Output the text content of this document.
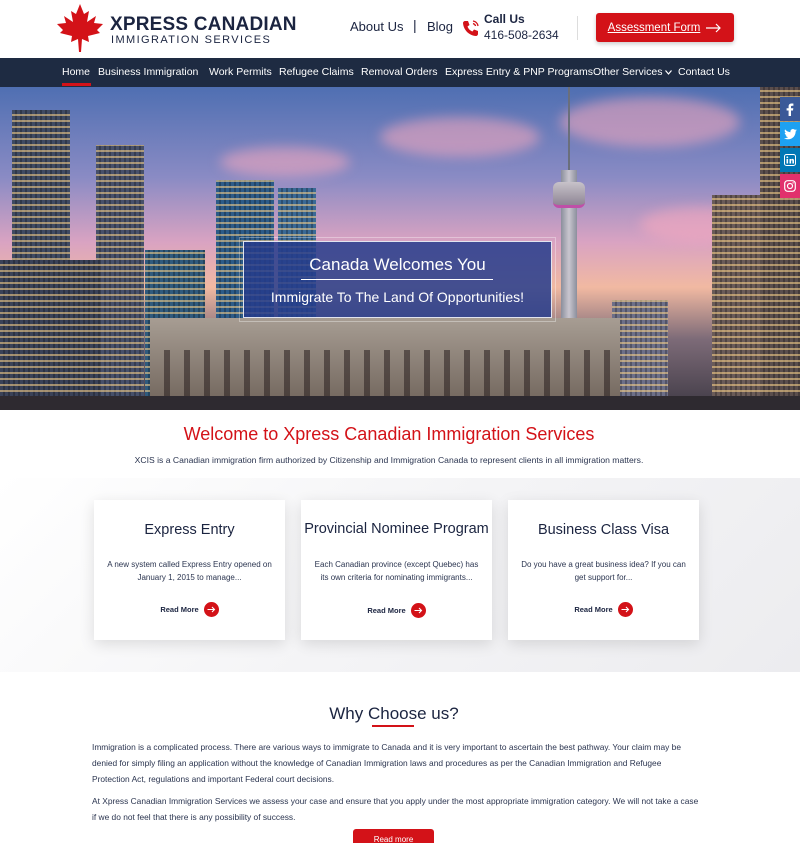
XPRESS CANADIAN
IMMIGRATION SERVICES
About Us | Blog	Call Us
416-508-2634
Assessment Form
Home Business Immigration Work Permits Refugee Claims Removal Orders Express Entry & PNP Programs Other Services	Contact Us
Canada Welcomes You
Immigrate To The Land Of Opportunities!
Welcome to Xpress Canadian Immigration Services
XCIS is a Canadian immigration firm authorized by Citizenship and Immigration Canada to represent clients in all immigration matters.
Express Entry
A new system called Express Entry opened on January 1, 2015 to manage...
Read More
Provincial Nominee Program
Each Canadian province (except Quebec) has its own criteria for nominating immigrants...
Read More
Business Class Visa
Do you have a great business idea? If you can get support for...
Read More
Why Choose us?
Immigration is a complicated process. There are various ways to immigrate to Canada and it is very important to ascertain the best pathway. Your claim may be denied for simply filing an application without the knowledge of Canadian Immigration laws and procedures as per the Canadian Immigration and Refugee Protection Act, regulations and important Federal court decisions.
At Xpress Canadian Immigration Services we assess your case and ensure that you apply under the most appropriate immigration category. We will not take a case if we do not feel that there is any possibility of success.
Read more
